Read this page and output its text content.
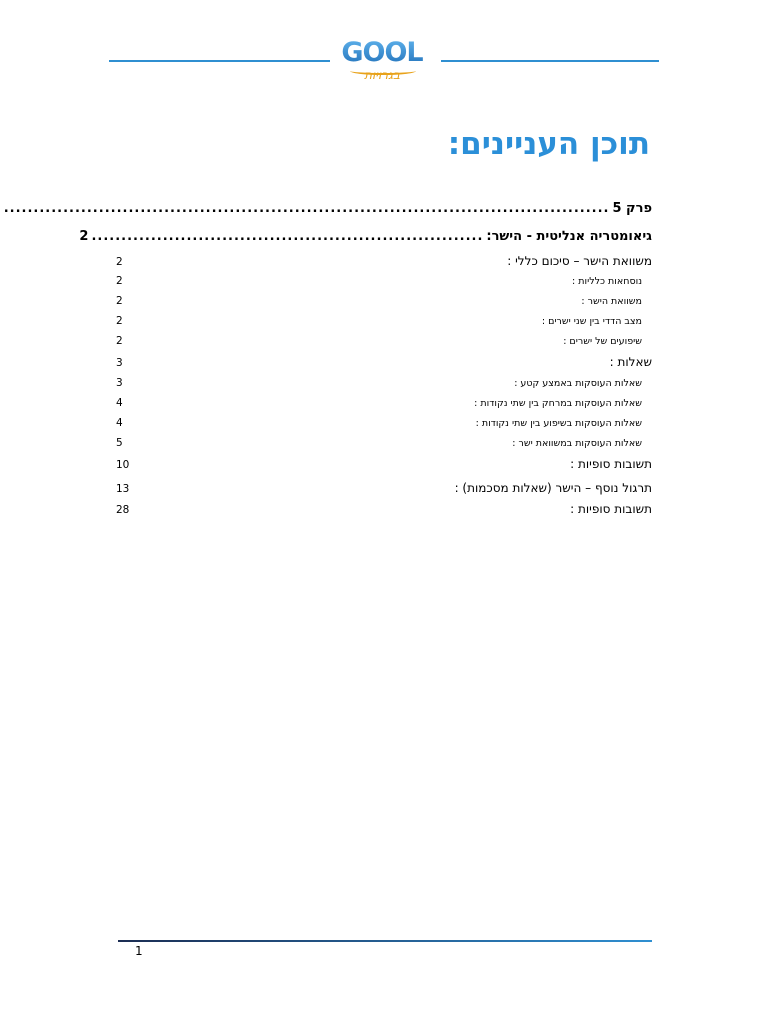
GOOL
בגרויות
תוכן העניינים:
פרק 5
......................................................................................................
גיאומטריה אנליטית - הישר:
..................................................................
2
משוואת הישר – סיכום כללי :
2
נוסחאות כלליות :
2
משוואת הישר :
2
מצב הדדי בין שני ישרים :
2
שיפועים של ישרים :
2
שאלות :
3
שאלות העוסקות באמצע קטע :
3
שאלות העוסקות במרחק בין שתי נקודות :
4
שאלות העוסקות בשיפוע בין שתי נקודות :
4
שאלות העוסקות במשוואת ישר :
5
תשובות סופיות :
10
תרגול נוסף – הישר (שאלות מסכמות) :
13
תשובות סופיות :
28
1
